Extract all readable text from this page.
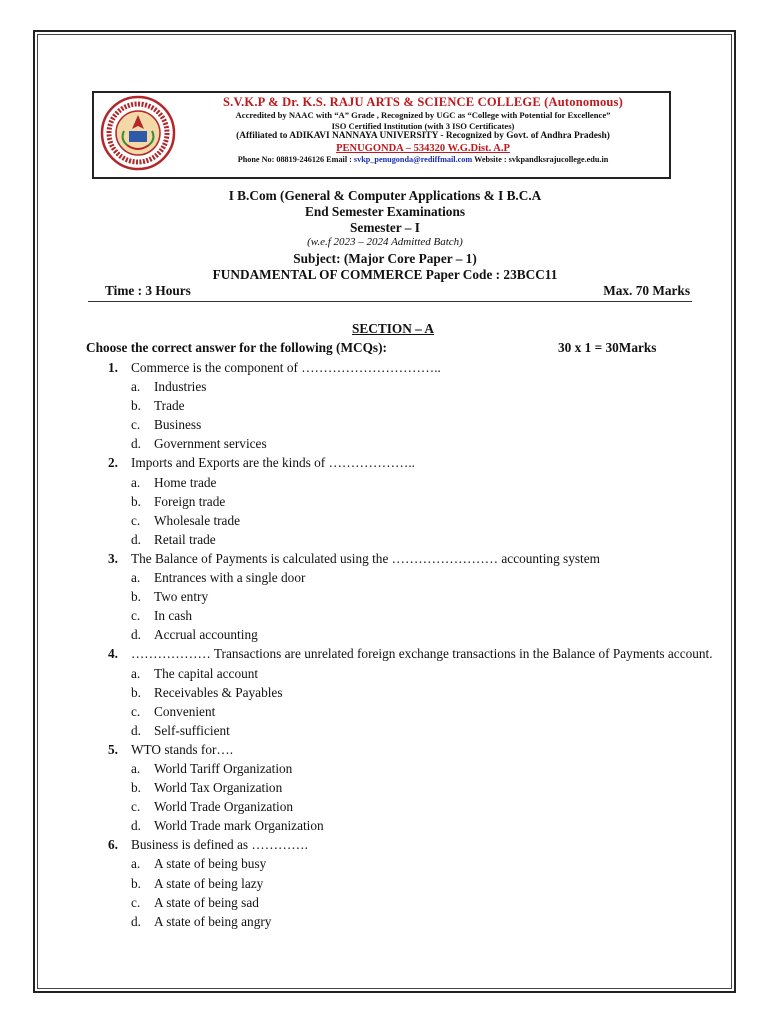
S.V.K.P & Dr. K.S. RAJU ARTS & SCIENCE COLLEGE (Autonomous)
Accredited by NAAC with “A” Grade , Recognized by UGC as “College with Potential for Excellence”
ISO Certified Institution (with 3 ISO Certificates)
(Affiliated to ADIKAVI NANNAYA UNIVERSITY - Recognized by Govt. of Andhra Pradesh)
PENUGONDA – 534320 W.G.Dist. A.P
Phone No: 08819-246126 Email : svkp_penugonda@rediffmail.com Website : svkpandksrajucollege.edu.in
I B.Com (General & Computer Applications & I B.C.A
End Semester Examinations
Semester – I
(w.e.f 2023 – 2024 Admitted Batch)
Subject: (Major Core Paper – 1)
FUNDAMENTAL OF COMMERCE Paper Code : 23BCC11
Time : 3 Hours	Max. 70 Marks
SECTION – A
Choose the correct answer for the following (MCQs):	30 x 1 = 30Marks
1. Commerce is the component of …………………………..
a. Industries
b. Trade
c. Business
d. Government services
2. Imports and Exports are the kinds of ………………..
a. Home trade
b. Foreign trade
c. Wholesale trade
d. Retail trade
3. The Balance of Payments is calculated using the …………………… accounting system
a. Entrances with a single door
b. Two entry
c. In cash
d. Accrual accounting
4. ……………… Transactions are unrelated foreign exchange transactions in the Balance of Payments account.
a. The capital account
b. Receivables & Payables
c. Convenient
d. Self-sufficient
5. WTO stands for….
a. World Tariff Organization
b. World Tax Organization
c. World Trade Organization
d. World Trade mark Organization
6. Business is defined as ………….
a. A state of being busy
b. A state of being lazy
c. A state of being sad
d. A state of being angry
